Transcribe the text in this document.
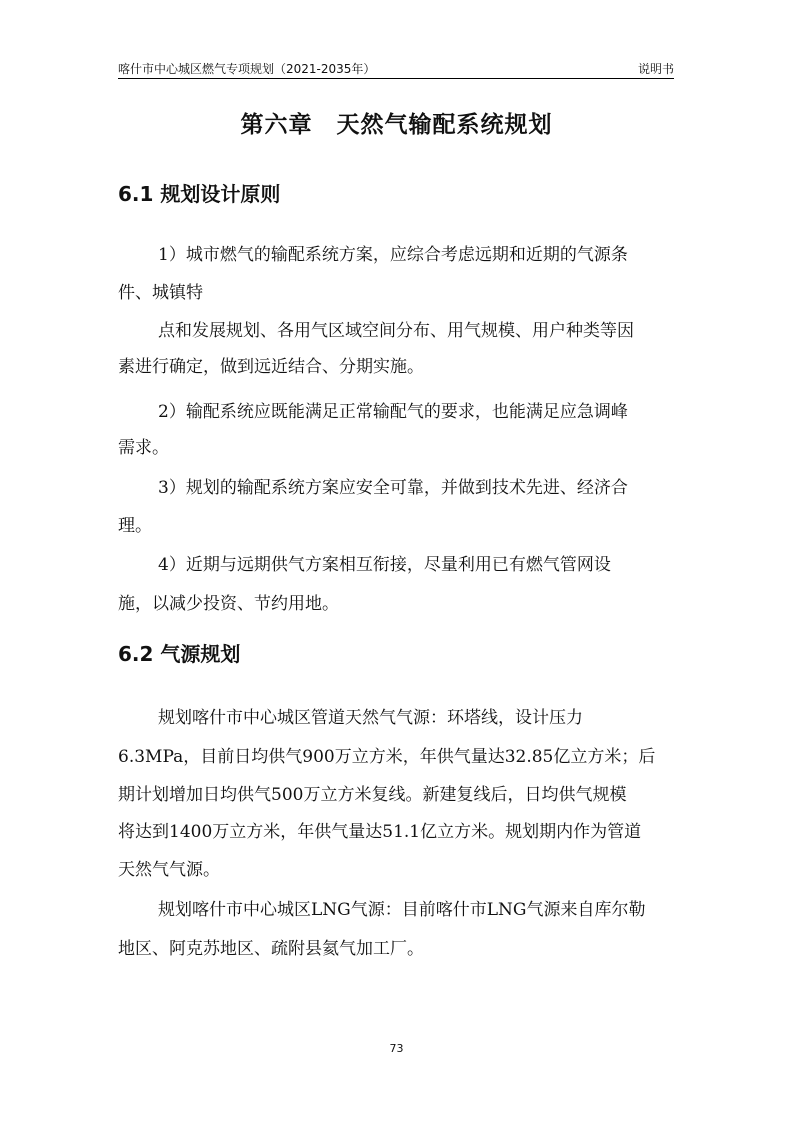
喀什市中心城区燃气专项规划（2021-2035年）	说明书
第六章　天然气输配系统规划
6.1 规划设计原则
1）城市燃气的输配系统方案，应综合考虑远期和近期的气源条
件、城镇特
点和发展规划、各用气区域空间分布、用气规模、用户种类等因
素进行确定，做到远近结合、分期实施。
2）输配系统应既能满足正常输配气的要求，也能满足应急调峰
需求。
3）规划的输配系统方案应安全可靠，并做到技术先进、经济合
理。
4）近期与远期供气方案相互衔接，尽量利用已有燃气管网设
施，以减少投资、节约用地。
6.2 气源规划
规划喀什市中心城区管道天然气气源：环塔线，设计压力
6.3MPa，目前日均供气900万立方米，年供气量达32.85亿立方米；后
期计划增加日均供气500万立方米复线。新建复线后，日均供气规模
将达到1400万立方米，年供气量达51.1亿立方米。规划期内作为管道
天然气气源。
规划喀什市中心城区LNG气源：目前喀什市LNG气源来自库尔勒
地区、阿克苏地区、疏附县氦气加工厂。
73
